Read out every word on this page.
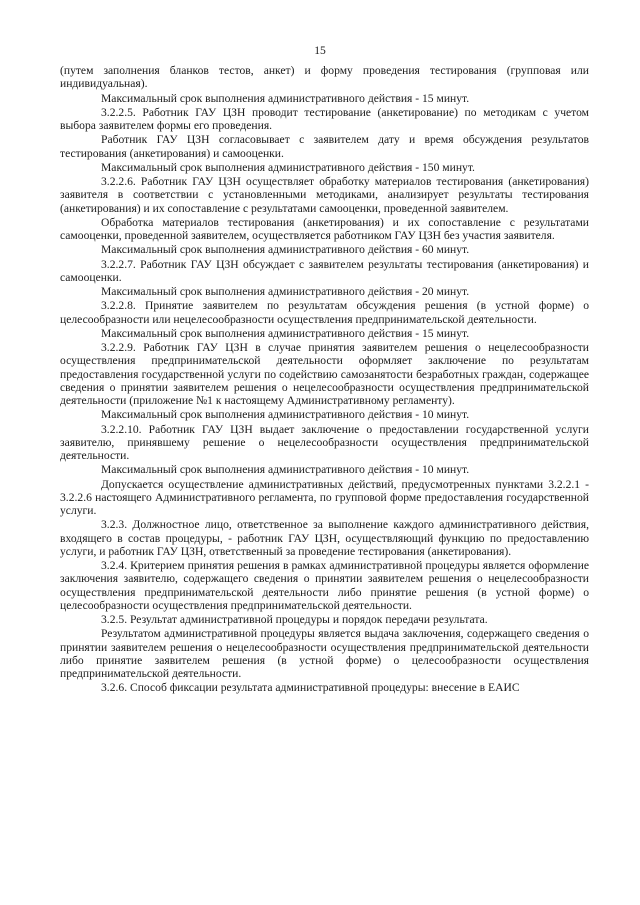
15

(путем заполнения бланков тестов, анкет) и форму проведения тестирования (групповая или индивидуальная).

Максимальный срок выполнения административного действия - 15 минут.

3.2.2.5. Работник ГАУ ЦЗН проводит тестирование (анкетирование) по методикам с учетом выбора заявителем формы его проведения.

Работник ГАУ ЦЗН согласовывает с заявителем дату и время обсуждения результатов тестирования (анкетирования) и самооценки.

Максимальный срок выполнения административного действия - 150 минут.

3.2.2.6. Работник ГАУ ЦЗН осуществляет обработку материалов тестирования (анкетирования) заявителя в соответствии с установленными методиками, анализирует результаты тестирования (анкетирования) и их сопоставление с результатами самооценки, проведенной заявителем.

Обработка материалов тестирования (анкетирования) и их сопоставление с результатами самооценки, проведенной заявителем, осуществляется работником ГАУ ЦЗН без участия заявителя.

Максимальный срок выполнения административного действия - 60 минут.

3.2.2.7. Работник ГАУ ЦЗН обсуждает с заявителем результаты тестирования (анкетирования) и самооценки.

Максимальный срок выполнения административного действия - 20 минут.

3.2.2.8. Принятие заявителем по результатам обсуждения решения (в устной форме) о целесообразности или нецелесообразности осуществления предпринимательской деятельности.

Максимальный срок выполнения административного действия - 15 минут.

3.2.2.9. Работник ГАУ ЦЗН в случае принятия заявителем решения о нецелесообразности осуществления предпринимательской деятельности оформляет заключение по результатам предоставления государственной услуги по содействию самозанятости безработных граждан, содержащее сведения о принятии заявителем решения о нецелесообразности осуществления предпринимательской деятельности (приложение №1 к настоящему Административному регламенту).

Максимальный срок выполнения административного действия - 10 минут.

3.2.2.10. Работник ГАУ ЦЗН выдает заключение о предоставлении государственной услуги заявителю, принявшему решение о нецелесообразности осуществления предпринимательской деятельности.

Максимальный срок выполнения административного действия - 10 минут.

Допускается осуществление административных действий, предусмотренных пунктами 3.2.2.1 - 3.2.2.6 настоящего Административного регламента, по групповой форме предоставления государственной услуги.

3.2.3. Должностное лицо, ответственное за выполнение каждого административного действия, входящего в состав процедуры, - работник ГАУ ЦЗН, осуществляющий функцию по предоставлению услуги, и работник ГАУ ЦЗН, ответственный за проведение тестирования (анкетирования).

3.2.4. Критерием принятия решения в рамках административной процедуры является оформление заключения заявителю, содержащего сведения о принятии заявителем решения о нецелесообразности осуществления предпринимательской деятельности либо принятие решения (в устной форме) о целесообразности осуществления предпринимательской деятельности.

3.2.5. Результат административной процедуры и порядок передачи результата.

Результатом административной процедуры является выдача заключения, содержащего сведения о принятии заявителем решения о нецелесообразности осуществления предпринимательской деятельности либо принятие заявителем решения (в устной форме) о целесообразности осуществления предпринимательской деятельности.

3.2.6. Способ фиксации результата административной процедуры: внесение в ЕАИС
